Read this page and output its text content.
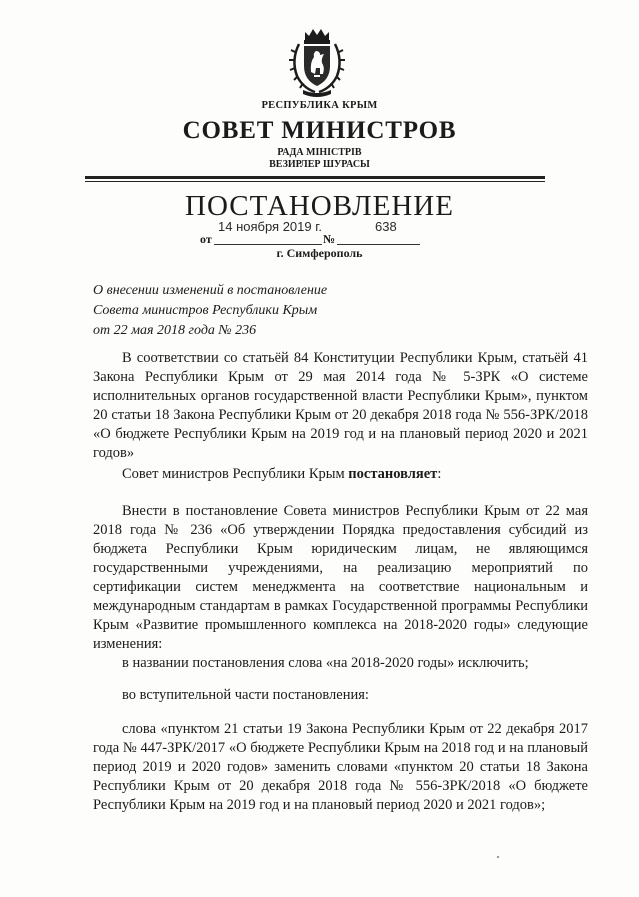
РЕСПУБЛИКА КРЫМ
СОВЕТ МИНИСТРОВ
РАДА МІНІСТРІВ
ВЕЗИРЛЕР ШУРАСЫ
ПОСТАНОВЛЕНИЕ
14 ноября 2019 г.	638
от	№
г. Симферополь
О внесении изменений в постановление
Совета министров Республики Крым
от 22 мая 2018 года № 236
В соответствии со статьёй 84 Конституции Республики Крым, статьёй 41 Закона Республики Крым от 29 мая 2014 года № 5-ЗРК «О системе исполнительных органов государственной власти Республики Крым», пунктом 20 статьи 18 Закона Республики Крым от 20 декабря 2018 года № 556-ЗРК/2018 «О бюджете Республики Крым на 2019 год и на плановый период 2020 и 2021 годов»
Совет министров Республики Крым постановляет:
Внести в постановление Совета министров Республики Крым от 22 мая 2018 года № 236 «Об утверждении Порядка предоставления субсидий из бюджета Республики Крым юридическим лицам, не являющимся государственными учреждениями, на реализацию мероприятий по сертификации систем менеджмента на соответствие национальным и международным стандартам в рамках Государственной программы Республики Крым «Развитие промышленного комплекса на 2018-2020 годы» следующие изменения:
в названии постановления слова «на 2018-2020 годы» исключить;
во вступительной части постановления:
слова «пунктом 21 статьи 19 Закона Республики Крым от 22 декабря 2017 года № 447-ЗРК/2017 «О бюджете Республики Крым на 2018 год и на плановый период 2019 и 2020 годов» заменить словами «пунктом 20 статьи 18 Закона Республики Крым от 20 декабря 2018 года № 556-ЗРК/2018 «О бюджете Республики Крым на 2019 год и на плановый период 2020 и 2021 годов»;
